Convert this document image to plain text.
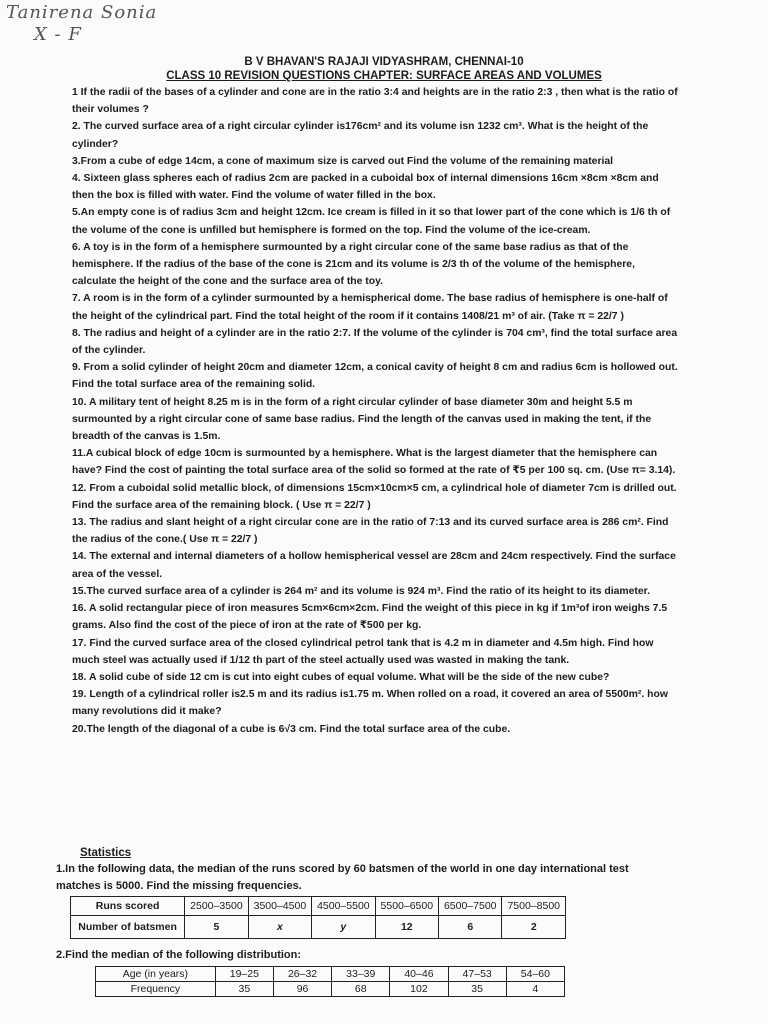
Tanirena Sonia
X - F
B V BHAVAN'S RAJAJI VIDYASHRAM, CHENNAI-10
CLASS 10 REVISION QUESTIONS CHAPTER: SURFACE AREAS AND VOLUMES

1 If the radii of the bases of a cylinder and cone are in the ratio 3:4 and heights are in the ratio 2:3 , then what is the ratio of their volumes ?

2. The curved surface area of a right circular cylinder is176cm² and its volume isn 1232 cm³. What is the height of the cylinder?

3.From a cube of edge 14cm, a cone of maximum size is carved out Find the volume of the remaining material

4. Sixteen glass spheres each of radius 2cm are packed in a cuboidal box of internal dimensions 16cm ×8cm ×8cm and then the box is filled with water. Find the volume of water filled in the box.

5.An empty cone is of radius 3cm and height 12cm. Ice cream is filled in it so that lower part of the cone which is 1/6 th of the volume of the cone is unfilled but hemisphere is formed on the top. Find the volume of the ice-cream.

6. A toy is in the form of a hemisphere surmounted by a right circular cone of the same base radius as that of the hemisphere. If the radius of the base of the cone is 21cm and its volume is 2/3 th of the volume of the hemisphere, calculate the height of the cone and the surface area of the toy.

7. A room is in the form of a cylinder surmounted by a hemispherical dome. The base radius of hemisphere is one-half of the height of the cylindrical part. Find the total height of the room if it contains 1408/21 m³ of air. (Take π = 22/7 )

8. The radius and height of a cylinder are in the ratio 2:7. If the volume of the cylinder is 704 cm³, find the total surface area of the cylinder.

9. From a solid cylinder of height 20cm and diameter 12cm, a conical cavity of height 8 cm and radius 6cm is hollowed out. Find the total surface area of the remaining solid.

10. A military tent of height 8.25 m is in the form of a right circular cylinder of base diameter 30m and height 5.5 m surmounted by a right circular cone of same base radius. Find the length of the canvas used in making the tent, if the breadth of the canvas is 1.5m.

11.A cubical block of edge 10cm is surmounted by a hemisphere. What is the largest diameter that the hemisphere can have? Find the cost of painting the total surface area of the solid so formed at the rate of ₹5 per 100 sq. cm. (Use π= 3.14).

12. From a cuboidal solid metallic block, of dimensions 15cm×10cm×5 cm, a cylindrical hole of diameter 7cm is drilled out. Find the surface area of the remaining block. ( Use π = 22/7 )

13. The radius and slant height of a right circular cone are in the ratio of 7:13 and its curved surface area is 286 cm². Find the radius of the cone.( Use π = 22/7 )

14. The external and internal diameters of a hollow hemispherical vessel are 28cm and 24cm respectively. Find the surface area of the vessel.

15.The curved surface area of a cylinder is 264 m² and its volume is 924 m³. Find the ratio of its height to its diameter.

16. A solid rectangular piece of iron measures 5cm×6cm×2cm. Find the weight of this piece in kg if 1m³of iron weighs 7.5 grams. Also find the cost of the piece of iron at the rate of ₹500 per kg.

17. Find the curved surface area of the closed cylindrical petrol tank that is 4.2 m in diameter and 4.5m high. Find how much steel was actually used if 1/12 th part of the steel actually used was wasted in making the tank.

18. A solid cube of side 12 cm is cut into eight cubes of equal volume. What will be the side of the new cube?

19. Length of a cylindrical roller is2.5 m and its radius is1.75 m. When rolled on a road, it covered an area of 5500m². how many revolutions did it make?

20.The length of the diagonal of a cube is 6√3 cm. Find the total surface area of the cube.

Statistics
1.In the following data, the median of the runs scored by 60 batsmen of the world in one day international test matches is 5000. Find the missing frequencies.
Runs scored	2500–3500	3500–4500	4500–5500	5500–6500	6500–7500	7500–8500
Number of batsmen	5	x	y	12	6	2
2.Find the median of the following distribution:
Age (in years)	19–25	26–32	33–39	40–46	47–53	54–60
Frequency	35	96	68	102	35	4
